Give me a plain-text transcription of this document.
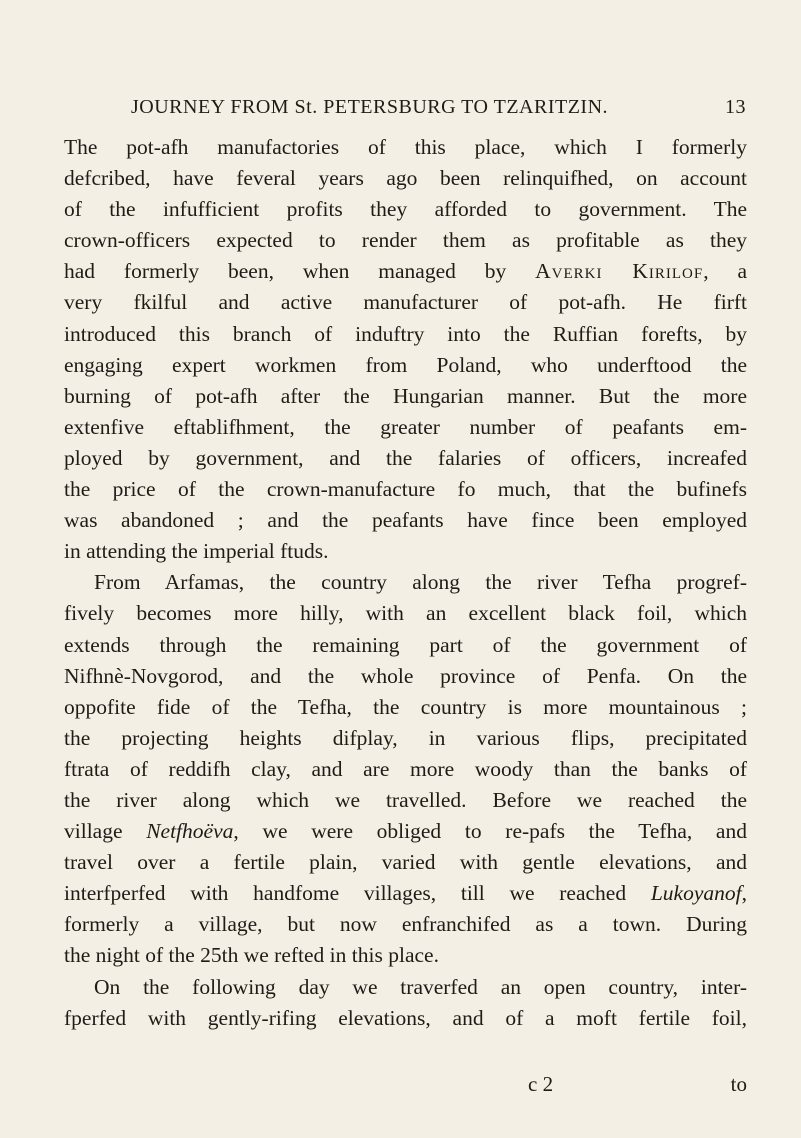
JOURNEY FROM St. PETERSBURG TO TZARITZIN.	13
The pot-afh manufactories of this place, which I formerly
defcribed, have feveral years ago been relinquifhed, on account
of the infufficient profits they afforded to government. The
crown-officers expected to render them as profitable as they
had formerly been, when managed by Averki Kirilof, a
very fkilful and active manufacturer of pot-afh. He firft
introduced this branch of induftry into the Ruffian forefts, by
engaging expert workmen from Poland, who underftood the
burning of pot-afh after the Hungarian manner. But the more
extenfive eftablifhment, the greater number of peafants em-
ployed by government, and the falaries of officers, increafed
the price of the crown-manufacture fo much, that the bufinefs
was abandoned ; and the peafants have fince been employed
in attending the imperial ftuds.
From Arfamas, the country along the river Tefha progref-
fively becomes more hilly, with an excellent black foil, which
extends through the remaining part of the government of
Nifhnè-Novgorod, and the whole province of Penfa. On the
oppofite fide of the Tefha, the country is more mountainous ;
the projecting heights difplay, in various flips, precipitated
ftrata of reddifh clay, and are more woody than the banks of
the river along which we travelled. Before we reached the
village Netfhoëva, we were obliged to re-pafs the Tefha, and
travel over a fertile plain, varied with gentle elevations, and
interfperfed with handfome villages, till we reached Lukoyanof,
formerly a village, but now enfranchifed as a town. During
the night of the 25th we refted in this place.
On the following day we traverfed an open country, inter-
fperfed with gently-rifing elevations, and of a moft fertile foil,
c 2	to
